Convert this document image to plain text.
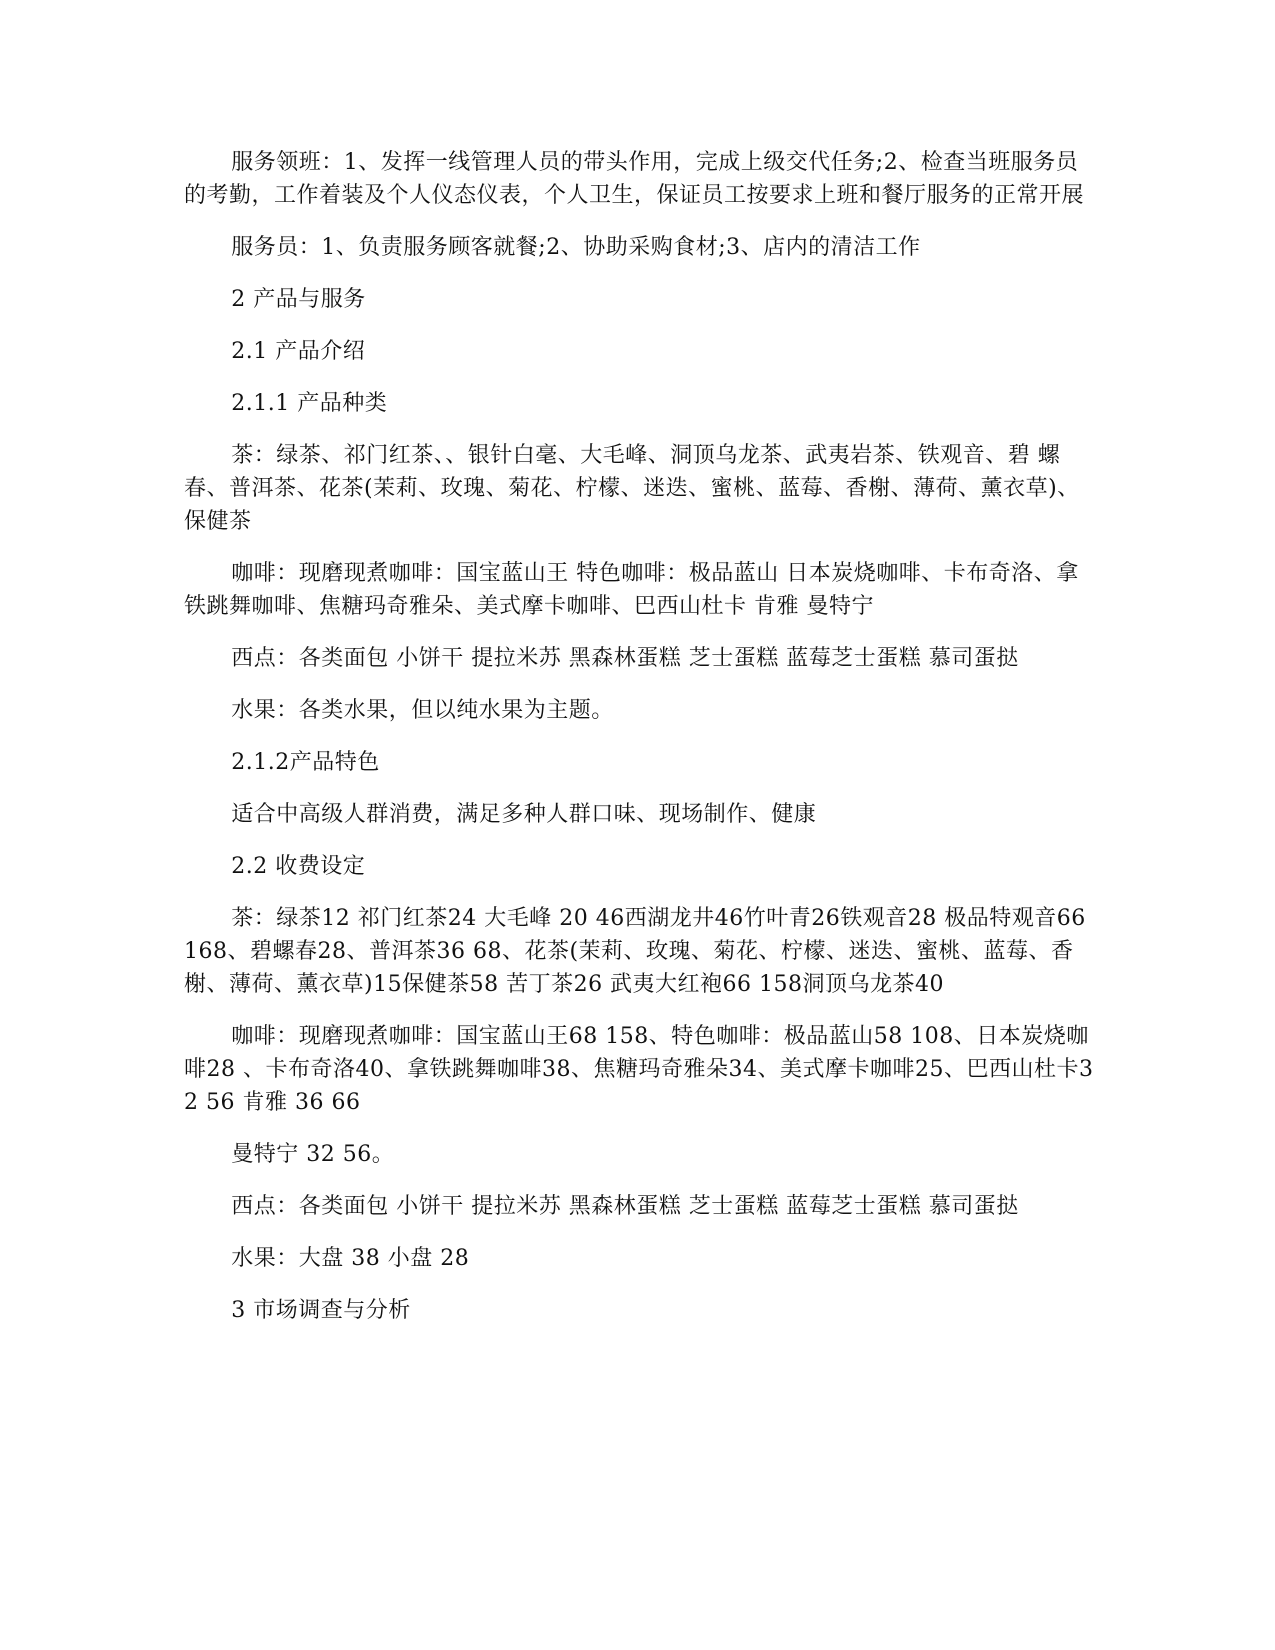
服务领班：1、发挥一线管理人员的带头作用，完成上级交代任务;2、检查当班服务员的考勤，工作着装及个人仪态仪表，个人卫生，保证员工按要求上班和餐厅服务的正常开展

服务员：1、负责服务顾客就餐;2、协助采购食材;3、店内的清洁工作

2 产品与服务

2.1 产品介绍

2.1.1 产品种类

茶：绿茶、祁门红茶、、银针白毫、大毛峰、洞顶乌龙茶、武夷岩茶、铁观音、碧 螺春、普洱茶、花茶(茉莉、玫瑰、菊花、柠檬、迷迭、蜜桃、蓝莓、香榭、薄荷、薰衣草)、保健茶

咖啡：现磨现煮咖啡：国宝蓝山王 特色咖啡：极品蓝山 日本炭烧咖啡、卡布奇洛、拿铁跳舞咖啡、焦糖玛奇雅朵、美式摩卡咖啡、巴西山杜卡 肯雅 曼特宁

西点：各类面包 小饼干 提拉米苏 黑森林蛋糕 芝士蛋糕 蓝莓芝士蛋糕 慕司蛋挞

水果：各类水果，但以纯水果为主题。

2.1.2产品特色

适合中高级人群消费，满足多种人群口味、现场制作、健康

2.2 收费设定

茶：绿茶12 祁门红茶24 大毛峰 20 46西湖龙井46竹叶青26铁观音28 极品特观音66 168、碧螺春28、普洱茶36 68、花茶(茉莉、玫瑰、菊花、柠檬、迷迭、蜜桃、蓝莓、香榭、薄荷、薰衣草)15保健茶58 苦丁茶26 武夷大红袍66 158洞顶乌龙茶40

咖啡：现磨现煮咖啡：国宝蓝山王68 158、特色咖啡：极品蓝山58 108、日本炭烧咖啡28 、卡布奇洛40、拿铁跳舞咖啡38、焦糖玛奇雅朵34、美式摩卡咖啡25、巴西山杜卡32 56 肯雅 36 66

曼特宁 32 56。

西点：各类面包 小饼干 提拉米苏 黑森林蛋糕 芝士蛋糕 蓝莓芝士蛋糕 慕司蛋挞

水果：大盘 38 小盘 28

3 市场调查与分析
